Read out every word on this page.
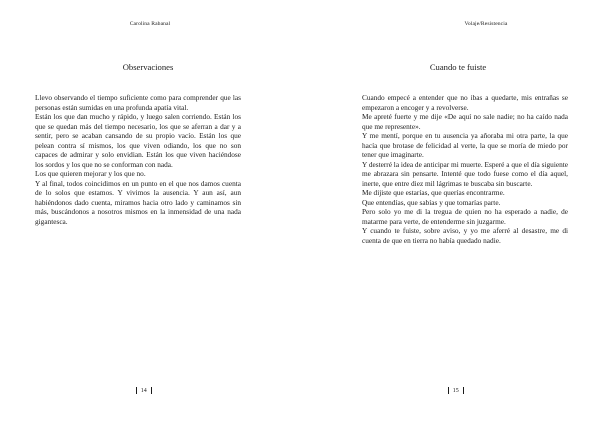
Carolina Rabanal
Observaciones

Llevo observando el tiempo suficiente como para comprender que las personas están sumidas en una profunda apatía vital.

Están los que dan mucho y rápido, y luego salen corriendo. Están los que se quedan más del tiempo necesario, los que se aferran a dar y a sentir, pero se acaban cansando de su propio vacío. Están los que pelean contra sí mismos, los que viven odiando, los que no son capaces de admirar y solo envidian. Están los que viven haciéndose los sordos y los que no se conforman con nada.

Los que quieren mejorar y los que no.

Y al final, todos coincidimos en un punto en el que nos damos cuenta de lo solos que estamos. Y vivimos la ausencia. Y aun así, aun habiéndonos dado cuenta, miramos hacia otro lado y caminamos sin más, buscándonos a nosotros mismos en la inmensidad de una nada gigantesca.

14
Volaje/Resistencia
Cuando te fuiste

Cuando empecé a entender que no ibas a quedarte, mis entrañas se empezaron a encoger y a revolverse.

Me apreté fuerte y me dije «De aquí no sale nadie; no ha caído nada que me represente».

Y me mentí, porque en tu ausencia ya añoraba mi otra parte, la que hacía que brotase de felicidad al verte, la que se moría de miedo por tener que imaginarte.

Y desterré la idea de anticipar mi muerte. Esperé a que el día siguiente me abrazara sin pensarte. Intenté que todo fuese como el día aquel, inerte, que entre diez mil lágrimas te buscaba sin buscarte.

Me dijiste que estarías, que querías encontrarme.

Que entendías, que sabías y que tomarías parte.

Pero solo yo me di la tregua de quien no ha esperado a nadie, de matarme para verte, de entenderme sin juzgarme.

Y cuando te fuiste, sobre aviso, y yo me aferré al desastre, me di cuenta de que en tierra no había quedado nadie.

15
